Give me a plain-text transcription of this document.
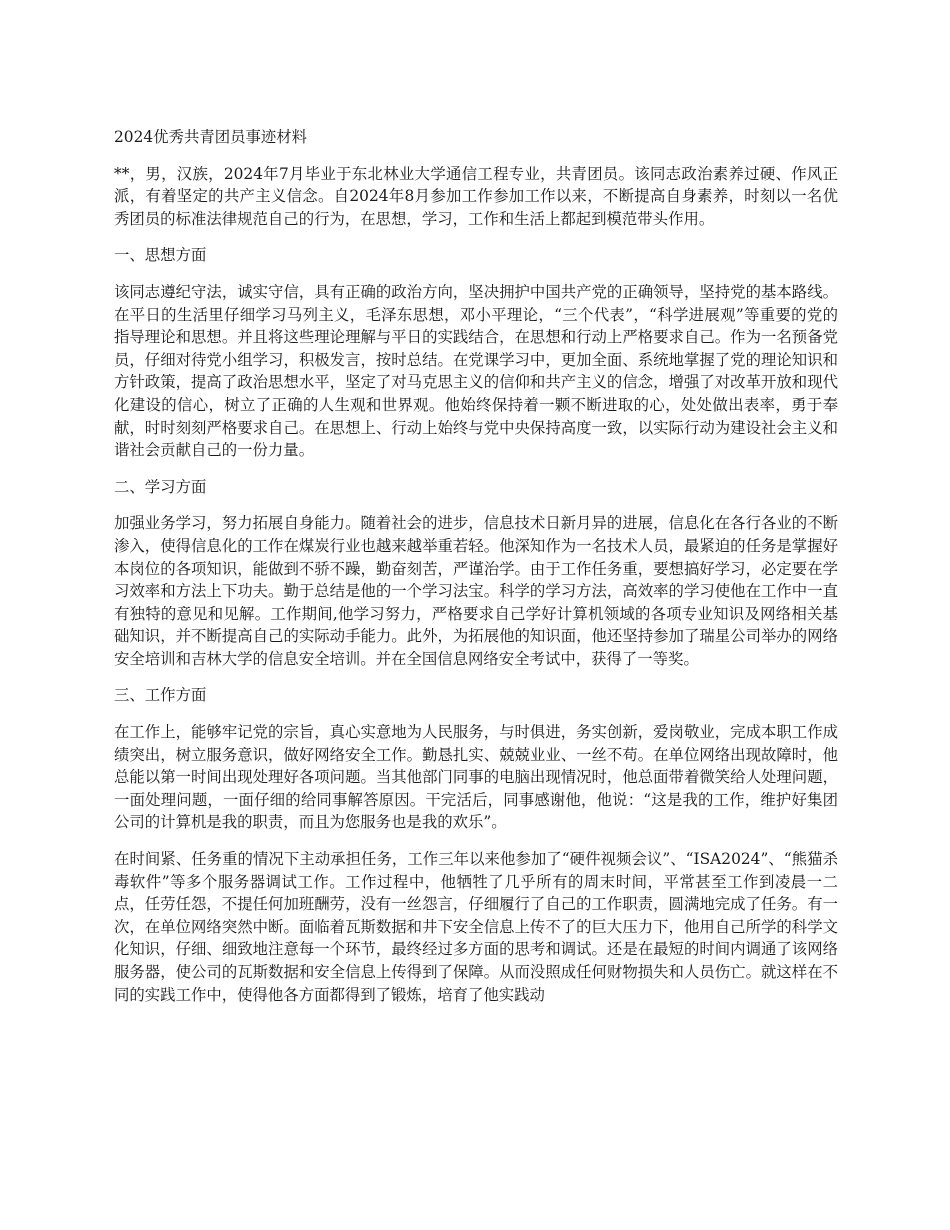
2024优秀共青团员事迹材料

**，男，汉族，2024年7月毕业于东北林业大学通信工程专业，共青团员。该同志政治素养过硬、作风正派，有着坚定的共产主义信念。自2024年8月参加工作参加工作以来，不断提高自身素养，时刻以一名优秀团员的标准法律规范自己的行为，在思想，学习，工作和生活上都起到模范带头作用。

一、思想方面

该同志遵纪守法，诚实守信，具有正确的政治方向，坚决拥护中国共产党的正确领导，坚持党的基本路线。在平日的生活里仔细学习马列主义，毛泽东思想，邓小平理论，“三个代表”，“科学进展观”等重要的党的指导理论和思想。并且将这些理论理解与平日的实践结合，在思想和行动上严格要求自己。作为一名预备党员，仔细对待党小组学习，积极发言，按时总结。在党课学习中，更加全面、系统地掌握了党的理论知识和方针政策，提高了政治思想水平，坚定了对马克思主义的信仰和共产主义的信念，增强了对改革开放和现代化建设的信心，树立了正确的人生观和世界观。他始终保持着一颗不断进取的心，处处做出表率，勇于奉献，时时刻刻严格要求自己。在思想上、行动上始终与党中央保持高度一致，以实际行动为建设社会主义和谐社会贡献自己的一份力量。

二、学习方面

加强业务学习，努力拓展自身能力。随着社会的进步，信息技术日新月异的进展，信息化在各行各业的不断渗入，使得信息化的工作在煤炭行业也越来越举重若轻。他深知作为一名技术人员，最紧迫的任务是掌握好本岗位的各项知识，能做到不骄不躁，勤奋刻苦，严谨治学。由于工作任务重，要想搞好学习，必定要在学习效率和方法上下功夫。勤于总结是他的一个学习法宝。科学的学习方法，高效率的学习使他在工作中一直有独特的意见和见解。工作期间,他学习努力，严格要求自己学好计算机领域的各项专业知识及网络相关基础知识，并不断提高自己的实际动手能力。此外，为拓展他的知识面，他还坚持参加了瑞星公司举办的网络安全培训和吉林大学的信息安全培训。并在全国信息网络安全考试中，获得了一等奖。

三、工作方面

在工作上，能够牢记党的宗旨，真心实意地为人民服务，与时俱进，务实创新，爱岗敬业，完成本职工作成绩突出，树立服务意识，做好网络安全工作。勤恳扎实、兢兢业业、一丝不苟。在单位网络出现故障时，他总能以第一时间出现处理好各项问题。当其他部门同事的电脑出现情况时，他总面带着微笑给人处理问题，一面处理问题，一面仔细的给同事解答原因。干完活后，同事感谢他，他说：“这是我的工作，维护好集团公司的计算机是我的职责，而且为您服务也是我的欢乐”。

在时间紧、任务重的情况下主动承担任务，工作三年以来他参加了“硬件视频会议”、“ISA2024”、“熊猫杀毒软件”等多个服务器调试工作。工作过程中，他牺牲了几乎所有的周末时间，平常甚至工作到凌晨一二点，任劳任怨，不提任何加班酬劳，没有一丝怨言，仔细履行了自己的工作职责，圆满地完成了任务。有一次，在单位网络突然中断。面临着瓦斯数据和井下安全信息上传不了的巨大压力下，他用自己所学的科学文化知识，仔细、细致地注意每一个环节，最终经过多方面的思考和调试。还是在最短的时间内调通了该网络服务器，使公司的瓦斯数据和安全信息上传得到了保障。从而没照成任何财物损失和人员伤亡。就这样在不同的实践工作中，使得他各方面都得到了锻炼，培育了他实践动
